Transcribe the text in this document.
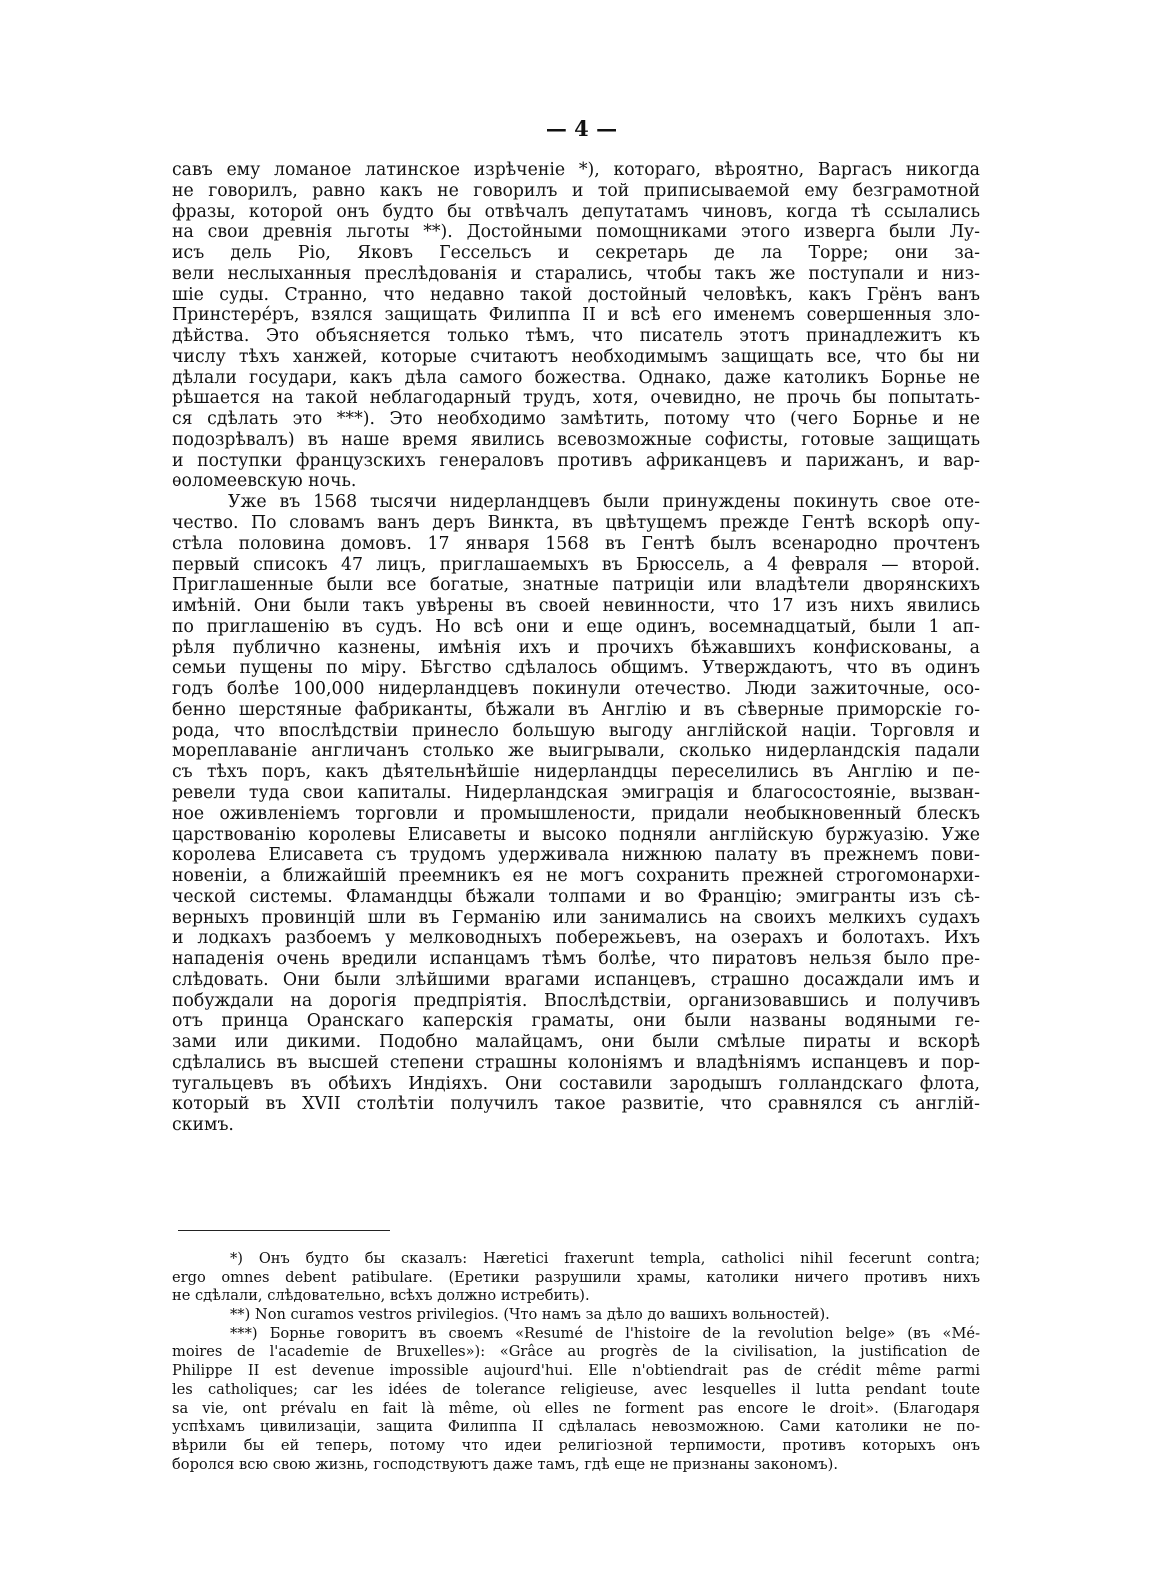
— 4 —
савъ ему ломаное латинское изрѣченіе *), котораго, вѣроятно, Варгасъ никогда
не говорилъ, равно какъ не говорилъ и той приписываемой ему безграмотной
фразы, которой онъ будто бы отвѣчалъ депутатамъ чиновъ, когда тѣ ссылались
на свои древнія льготы **). Достойными помощниками этого изверга были Лу-
исъ дель Ріо, Яковъ Гессельсъ и секретарь де ла Торре; они за-
вели неслыханныя преслѣдованія и старались, чтобы такъ же поступали и низ-
шіе суды. Странно, что недавно такой достойный человѣкъ, какъ Грёнъ ванъ
Принстерéръ, взялся защищать Филиппа II и всѣ его именемъ совершенныя зло-
дѣйства. Это объясняется только тѣмъ, что писатель этотъ принадлежитъ къ
числу тѣхъ ханжей, которые считаютъ необходимымъ защищать все, что бы ни
дѣлали государи, какъ дѣла самого божества. Однако, даже католикъ Борнье не
рѣшается на такой неблагодарный трудъ, хотя, очевидно, не прочь бы попытать-
ся сдѣлать это ***). Это необходимо замѣтить, потому что (чего Борнье и не
подозрѣвалъ) въ наше время явились всевозможные софисты, готовые защищать
и поступки французскихъ генераловъ противъ африканцевъ и парижанъ, и вар-
ѳоломеевскую ночь.
Уже въ 1568 тысячи нидерландцевъ были принуждены покинуть свое оте-
чество. По словамъ ванъ деръ Винкта, въ цвѣтущемъ прежде Гентѣ вскорѣ опу-
стѣла половина домовъ. 17 января 1568 въ Гентѣ былъ всенародно прочтенъ
первый списокъ 47 лицъ, приглашаемыхъ въ Брюссель, а 4 февраля — второй.
Приглашенные были все богатые, знатные патриціи или владѣтели дворянскихъ
имѣній. Они были такъ увѣрены въ своей невинности, что 17 изъ нихъ явились
по приглашенію въ судъ. Но всѣ они и еще одинъ, восемнадцатый, были 1 ап-
рѣля публично казнены, имѣнія ихъ и прочихъ бѣжавшихъ конфискованы, а
семьи пущены по міру. Бѣгство сдѣлалось общимъ. Утверждаютъ, что въ одинъ
годъ болѣе 100,000 нидерландцевъ покинули отечество. Люди зажиточные, осо-
бенно шерстяные фабриканты, бѣжали въ Англію и въ сѣверные приморскіе го-
рода, что впослѣдствіи принесло большую выгоду англійской націи. Торговля и
мореплаваніе англичанъ столько же выигрывали, сколько нидерландскія падали
съ тѣхъ поръ, какъ дѣятельнѣйшіе нидерландцы переселились въ Англію и пе-
ревели туда свои капиталы. Нидерландская эмиграція и благосостояніе, вызван-
ное оживленіемъ торговли и промышлености, придали необыкновенный блескъ
царствованію королевы Елисаветы и высоко подняли англійскую буржуазію. Уже
королева Елисавета съ трудомъ удерживала нижнюю палату въ прежнемъ пови-
новеніи, а ближайшій преемникъ ея не могъ сохранить прежней строгомонархи-
ческой системы. Фламандцы бѣжали толпами и во Францію; эмигранты изъ сѣ-
верныхъ провинцій шли въ Германію или занимались на своихъ мелкихъ судахъ
и лодкахъ разбоемъ у мелководныхъ побережьевъ, на озерахъ и болотахъ. Ихъ
нападенія очень вредили испанцамъ тѣмъ болѣе, что пиратовъ нельзя было пре-
слѣдовать. Они были злѣйшими врагами испанцевъ, страшно досаждали имъ и
побуждали на дорогія предпріятія. Впослѣдствіи, организовавшись и получивъ
отъ принца Оранскаго каперскія граматы, они были названы водяными ге-
зами или дикими. Подобно малайцамъ, они были смѣлые пираты и вскорѣ
сдѣлались въ высшей степени страшны колоніямъ и владѣніямъ испанцевъ и пор-
тугальцевъ въ обѣихъ Индіяхъ. Они составили зародышъ голландскаго флота,
который въ XVII столѣтіи получилъ такое развитіе, что сравнялся съ англій-
скимъ.
*) Онъ будто бы сказалъ: Hæretici fraxerunt templa, catholici nihil fecerunt contra;
ergo omnes debent patibulare. (Еретики разрушили храмы, католики ничего противъ нихъ
не сдѣлали, слѣдовательно, всѣхъ должно истребить).
**) Non curamos vestros privilegios. (Что намъ за дѣло до вашихъ вольностей).
***) Борнье говоритъ въ своемъ «Resumé de l'histoire de la revolution belge» (въ «Mé-
moires de l'academie de Bruxelles»): «Grâce au progrès de la civilisation, la justification de
Philippe II est devenue impossible aujourd'hui. Elle n'obtiendrait pas de crédit même parmi
les catholiques; car les idées de tolerance religieuse, avec lesquelles il lutta pendant toute
sa vie, ont prévalu en fait là même, où elles ne forment pas encore le droit». (Благодаря
успѣхамъ цивилизаціи, защита Филиппа II сдѣлалась невозможною. Сами католики не по-
вѣрили бы ей теперь, потому что идеи религіозной терпимости, противъ которыхъ онъ
боролся всю свою жизнь, господствуютъ даже тамъ, гдѣ еще не признаны закономъ).
